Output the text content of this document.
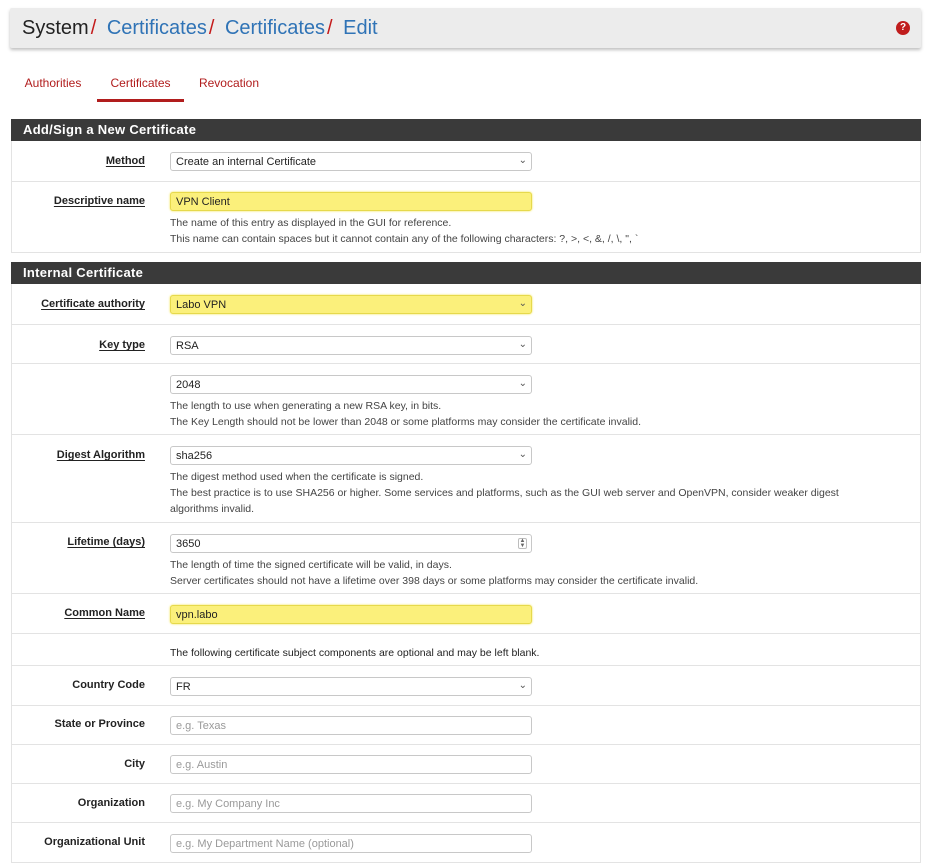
System / Certificates / Certificates / Edit	?
Authorities	Certificates	Revocation
Add/Sign a New Certificate
Method	Create an internal Certificate	⌄
Descriptive name	VPN Client
The name of this entry as displayed in the GUI for reference.
This name can contain spaces but it cannot contain any of the following characters: ?, >, <, &, /, \, ", `
Internal Certificate
Certificate authority	Labo VPN	⌄
Key type	RSA	⌄
2048	⌄
The length to use when generating a new RSA key, in bits.
The Key Length should not be lower than 2048 or some platforms may consider the certificate invalid.
Digest Algorithm	sha256	⌄
The digest method used when the certificate is signed.
The best practice is to use SHA256 or higher. Some services and platforms, such as the GUI web server and OpenVPN, consider weaker digest
algorithms invalid.
Lifetime (days)	3650	▲
▼
The length of time the signed certificate will be valid, in days.
Server certificates should not have a lifetime over 398 days or some platforms may consider the certificate invalid.
Common Name	vpn.labo
The following certificate subject components are optional and may be left blank.
Country Code	FR	⌄
State or Province	e.g. Texas
City	e.g. Austin
Organization	e.g. My Company Inc
Organizational Unit	e.g. My Department Name (optional)
